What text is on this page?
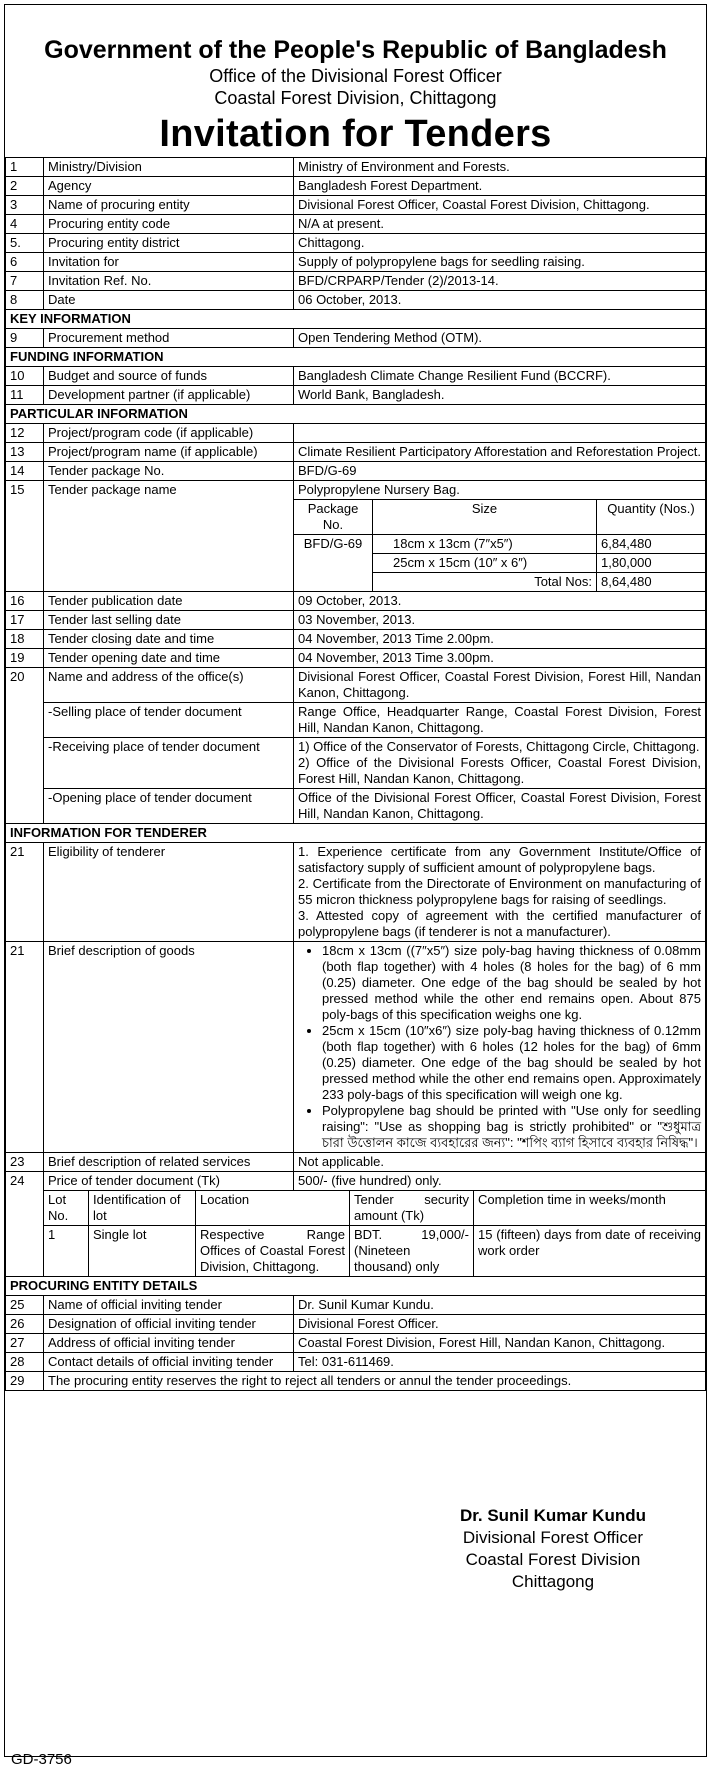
Government of the People's Republic of Bangladesh
Office of the Divisional Forest Officer
Coastal Forest Division, Chittagong
Invitation for Tenders
1	Ministry/Division	Ministry of Environment and Forests.
2	Agency	Bangladesh Forest Department.
3	Name of procuring entity	Divisional Forest Officer, Coastal Forest Division, Chittagong.
4	Procuring entity code	N/A at present.
5.	Procuring entity district	Chittagong.
6	Invitation for	Supply of polypropylene bags for seedling raising.
7	Invitation Ref. No.	BFD/CRPARP/Tender (2)/2013-14.
8	Date	06 October, 2013.
KEY INFORMATION
9	Procurement method	Open Tendering Method (OTM).
FUNDING INFORMATION
10	Budget and source of funds	Bangladesh Climate Change Resilient Fund (BCCRF).
11	Development partner (if applicable)	World Bank, Bangladesh.
PARTICULAR INFORMATION
12	Project/program code (if applicable)	
13	Project/program name (if applicable)	Climate Resilient Participatory Afforestation and Reforestation Project.
14	Tender package No.	BFD/G-69
15	Tender package name	Polypropylene Nursery Bag.
Package No.	Size	Quantity (Nos.)
BFD/G-69	18cm x 13cm (7″x5″)	6,84,480
25cm x 15cm (10″ x 6″)	1,80,000
Total Nos:	8,64,480

16	Tender publication date	09 October, 2013.
17	Tender last selling date	03 November, 2013.
18	Tender closing date and time	04 November, 2013 Time 2.00pm.
19	Tender opening date and time	04 November, 2013 Time 3.00pm.
20	Name and address of the office(s)	Divisional Forest Officer, Coastal Forest Division, Forest Hill, Nandan Kanon, Chittagong.
-Selling place of tender document	Range Office, Headquarter Range, Coastal Forest Division, Forest Hill, Nandan Kanon, Chittagong.
-Receiving place of tender document	1) Office of the Conservator of Forests, Chittagong Circle, Chittagong.
2) Office of the Divisional Forests Officer, Coastal Forest Division, Forest Hill, Nandan Kanon, Chittagong.

-Opening place of tender document	Office of the Divisional Forest Officer, Coastal Forest Division, Forest Hill, Nandan Kanon, Chittagong.
INFORMATION FOR TENDERER
21	Eligibility of tenderer	1. Experience certificate from any Government Institute/Office of satisfactory supply of sufficient amount of polypropylene bags.
2. Certificate from the Directorate of Environment on manufacturing of 55 micron thickness polypropylene bags for raising of seedlings.
3. Attested copy of agreement with the certified manufacturer of polypropylene bags (if tenderer is not a manufacturer).

21	Brief description of goods	
•18cm x 13cm ((7″x5″) size poly-bag having thickness of 0.08mm (both flap together) with 4 holes (8 holes for the bag) of 6 mm (0.25) diameter. One edge of the bag should be sealed by hot pressed method while the other end remains open. About 875 poly-bags of this specification weighs one kg.
• 25cm x 15cm (10″x6″) size poly-bag having thickness of 0.12mm (both flap together) with 6 holes (12 holes for the bag) of 6mm (0.25) diameter. One edge of the bag should be sealed by hot pressed method while the other end remains open. Approximately 233 poly-bags of this specification will weigh one kg.
• Polypropylene bag should be printed with "Use only for seedling raising": "Use as shopping bag is strictly prohibited" or "শুধুমাত্র চারা উত্তোলন কাজে ব্যবহারের জন্য": "শপিং ব্যাগ হিসাবে ব্যবহার নিষিদ্ধ"।

23	Brief description of related services	Not applicable.
24	Price of tender document (Tk)	500/- (five hundred) only.

Lot No.	Identification of lot	Location	Tender security amount (Tk)	Completion time in weeks/month
1	Single lot	Respective Range Offices of Coastal Forest Division, Chittagong.	BDT. 19,000/- (Nineteen thousand) only	15 (fifteen) days from date of receiving work order

PROCURING ENTITY DETAILS
25	Name of official inviting tender	Dr. Sunil Kumar Kundu.
26	Designation of official inviting tender	Divisional Forest Officer.
27	Address of official inviting tender	Coastal Forest Division, Forest Hill, Nandan Kanon, Chittagong.
28	Contact details of official inviting tender	Tel: 031-611469.
29	The procuring entity reserves the right to reject all tenders or annul the tender proceedings.
Dr. Sunil Kumar Kundu
Divisional Forest Officer
Coastal Forest Division
Chittagong
GD-3756
